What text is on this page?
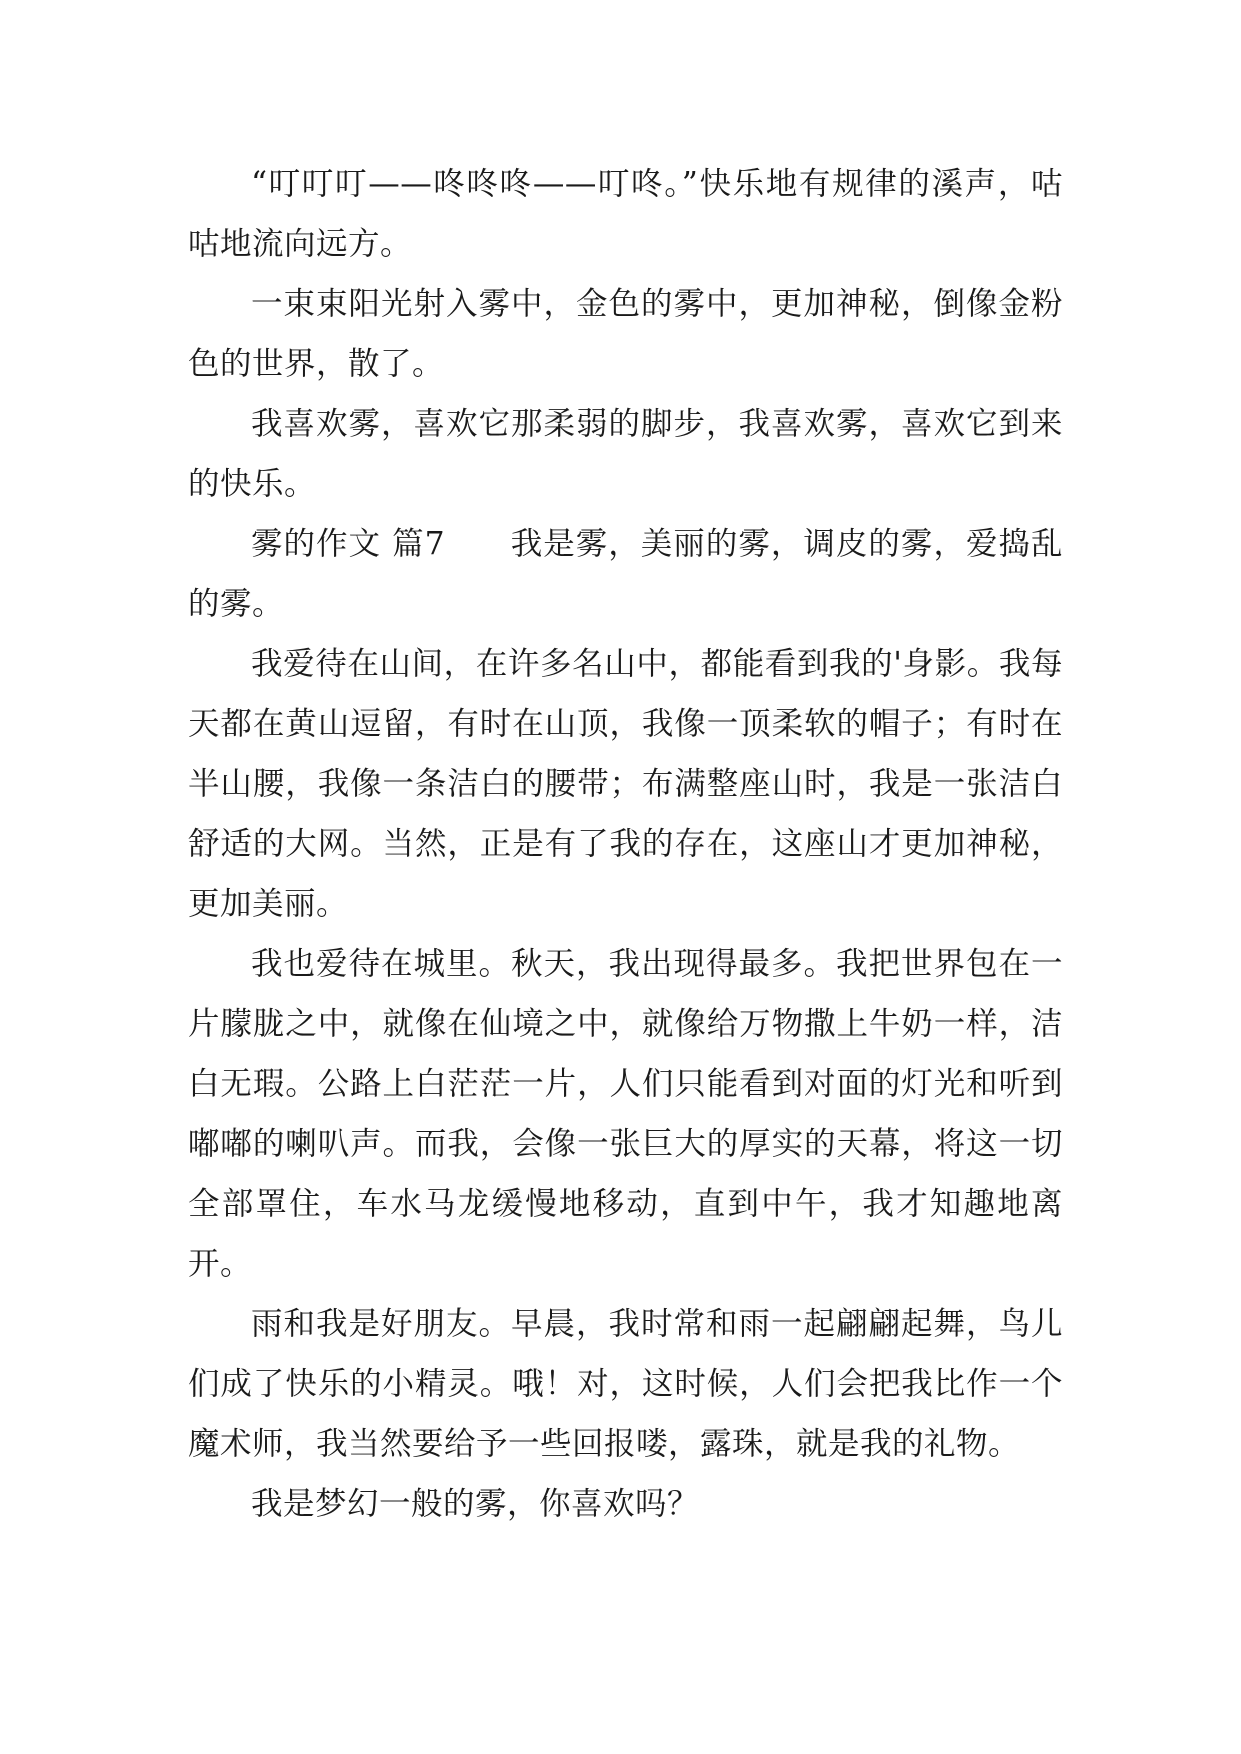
“叮叮叮——咚咚咚——叮咚。”快乐地有规律的溪声，咕咕地流向远方。

一束束阳光射入雾中，金色的雾中，更加神秘，倒像金粉色的世界，散了。

我喜欢雾，喜欢它那柔弱的脚步，我喜欢雾，喜欢它到来的快乐。

雾的作文 篇7　　我是雾，美丽的雾，调皮的雾，爱捣乱的雾。

我爱待在山间，在许多名山中，都能看到我的'身影。我每天都在黄山逗留，有时在山顶，我像一顶柔软的帽子；有时在半山腰，我像一条洁白的腰带；布满整座山时，我是一张洁白舒适的大网。当然，正是有了我的存在，这座山才更加神秘，更加美丽。

我也爱待在城里。秋天，我出现得最多。我把世界包在一片朦胧之中，就像在仙境之中，就像给万物撒上牛奶一样，洁白无瑕。公路上白茫茫一片，人们只能看到对面的灯光和听到嘟嘟的喇叭声。而我，会像一张巨大的厚实的天幕，将这一切全部罩住，车水马龙缓慢地移动，直到中午，我才知趣地离开。

雨和我是好朋友。早晨，我时常和雨一起翩翩起舞，鸟儿们成了快乐的小精灵。哦！对，这时候，人们会把我比作一个魔术师，我当然要给予一些回报喽，露珠，就是我的礼物。

我是梦幻一般的雾，你喜欢吗？
